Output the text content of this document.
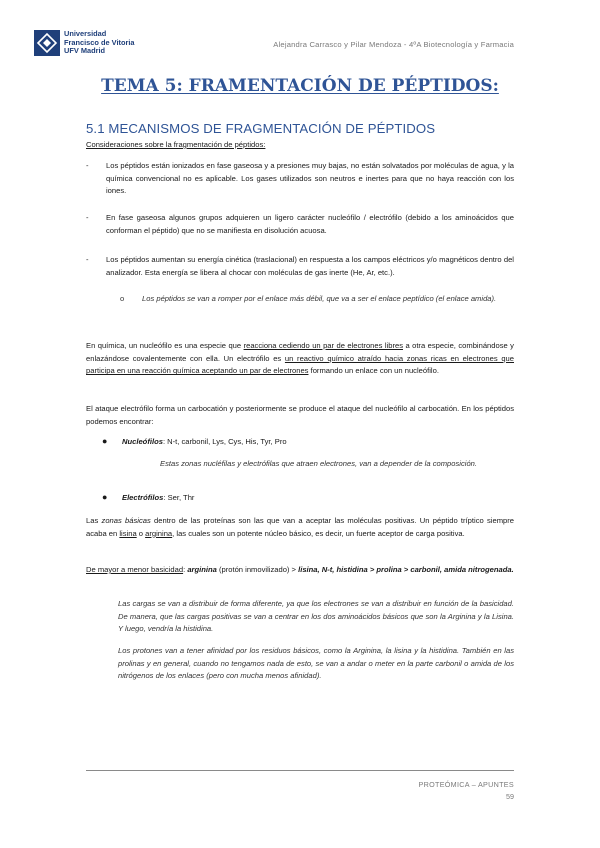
Universidad
Francisco de Vitoria
UFV Madrid
Alejandra Carrasco y Pilar Mendoza - 4ºA Biotecnología y Farmacia
TEMA 5: FRAMENTACIÓN DE PÉPTIDOS:
5.1 MECANISMOS DE FRAGMENTACIÓN DE PÉPTIDOS
Consideraciones sobre la fragmentación de péptidos:
- Los péptidos están ionizados en fase gaseosa y a presiones muy bajas, no están solvatados por moléculas de agua, y la química convencional no es aplicable. Los gases utilizados son neutros e inertes para que no haya reacción con los iones.
- En fase gaseosa algunos grupos adquieren un ligero carácter nucleófilo / electrófilo (debido a los aminoácidos que conforman el péptido) que no se manifiesta en disolución acuosa.
- Los péptidos aumentan su energía cinética (traslacional) en respuesta a los campos eléctricos y/o magnéticos dentro del analizador. Esta energía se libera al chocar con moléculas de gas inerte (He, Ar, etc.).
o Los péptidos se van a romper por el enlace más débil, que va a ser el enlace peptídico (el enlace amida).
En química, un nucleófilo es una especie que reacciona cediendo un par de electrones libres a otra especie, combinándose y enlazándose covalentemente con ella. Un electrófilo es un reactivo químico atraído hacia zonas ricas en electrones que participa en una reacción química aceptando un par de electrones formando un enlace con un nucleófilo.
El ataque electrófilo forma un carbocatión y posteriormente se produce el ataque del nucleófilo al carbocatión. En los péptidos podemos encontrar:
● Nucleófilos: N-t, carbonil, Lys, Cys, His, Tyr, Pro
Estas zonas nucléfilas y electrófilas que atraen electrones, van a depender de la composición.
● Electrófilos: Ser, Thr
Las zonas básicas dentro de las proteínas son las que van a aceptar las moléculas positivas. Un péptido tríptico siempre acaba en lisina o arginina, las cuales son un potente núcleo básico, es decir, un fuerte aceptor de carga positiva.
De mayor a menor basicidad: arginina (protón inmovilizado) > lisina, N-t, histidina > prolina > carbonil, amida nitrogenada.
Las cargas se van a distribuir de forma diferente, ya que los electrones se van a distribuir en función de la basicidad. De manera, que las cargas positivas se van a centrar en los dos aminoácidos básicos que son la Arginina y la Lisina. Y luego, vendría la histidina.
Los protones van a tener afinidad por los residuos básicos, como la Arginina, la lisina y la histidina. También en las prolinas y en general, cuando no tengamos nada de esto, se van a andar o meter en la parte carbonil o amida de los nitrógenos de los enlaces (pero con mucha menos afinidad).
PROTEÓMICA – APUNTES
59
